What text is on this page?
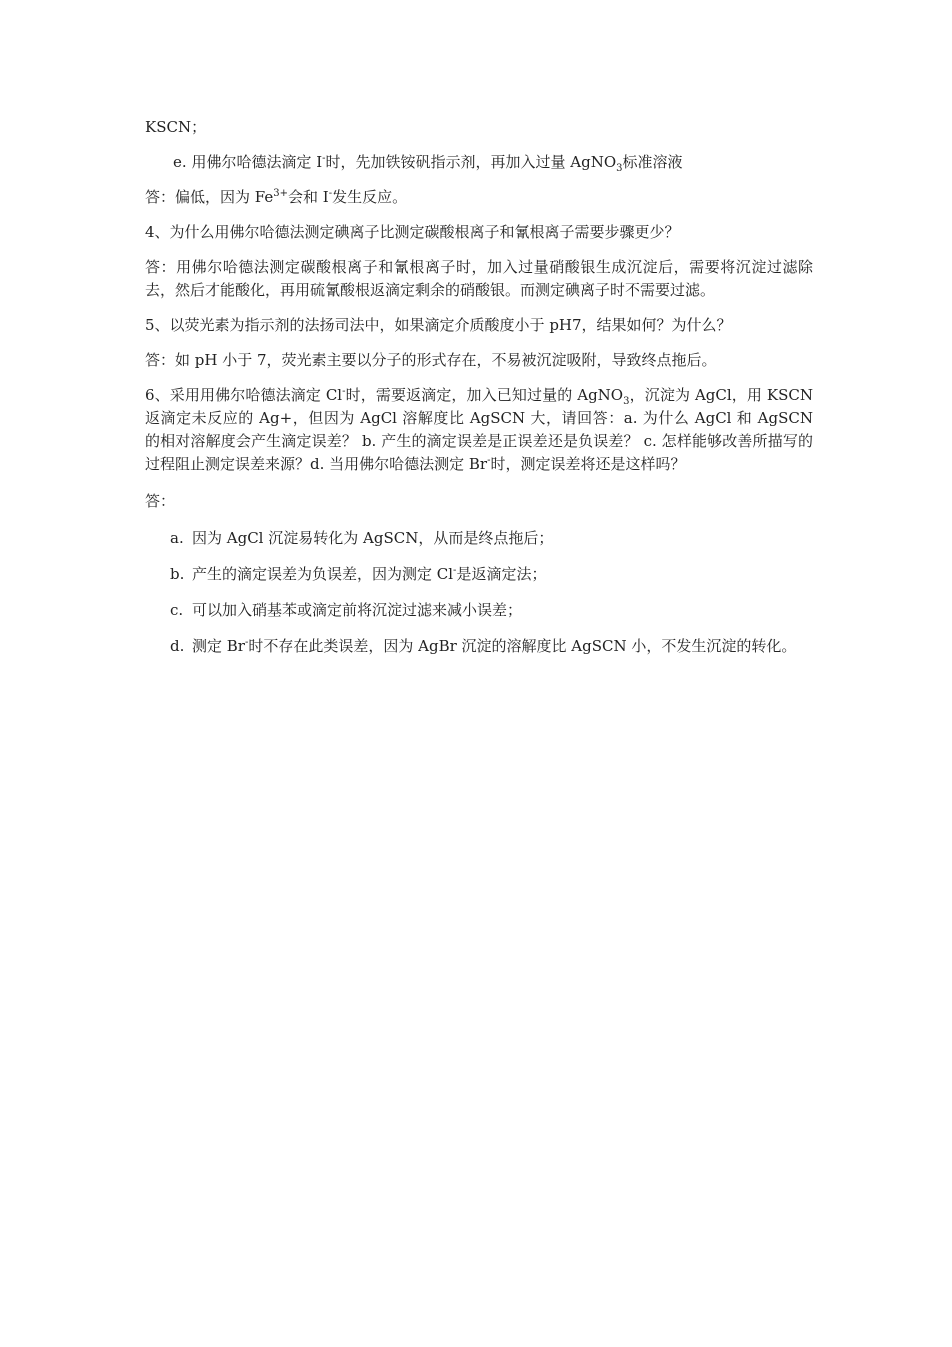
KSCN；

e. 用佛尔哈德法滴定 I-时，先加铁铵矾指示剂，再加入过量 AgNO$_3$标准溶液

答：偏低，因为 $Fe^{3+}$会和 I-发生反应。

4、为什么用佛尔哈德法测定碘离子比测定碳酸根离子和氰根离子需要步骤更少？

答：用佛尔哈德法测定碳酸根离子和氰根离子时，加入过量硝酸银生成沉淀后，需要将沉淀过滤除去，然后才能酸化，再用硫氰酸根返滴定剩余的硝酸银。而测定碘离子时不需要过滤。

5、以荧光素为指示剂的法扬司法中，如果滴定介质酸度小于 pH7，结果如何？为什么？

答：如 pH 小于 7，荧光素主要以分子的形式存在，不易被沉淀吸附，导致终点拖后。

6、采用用佛尔哈德法滴定 Cl-时，需要返滴定，加入已知过量的 AgNO$_3$，沉淀为 AgCl，用 KSCN 返滴定未反应的 Ag+，但因为 AgCl 溶解度比 AgSCN 大，请回答：a. 为什么 AgCl 和 AgSCN 的相对溶解度会产生滴定误差？ b. 产生的滴定误差是正误差还是负误差？ c. 怎样能够改善所描写的过程阻止测定误差来源？d. 当用佛尔哈德法测定 Br-时，测定误差将还是这样吗？

答：

a. 因为 AgCl 沉淀易转化为 AgSCN，从而是终点拖后；
b. 产生的滴定误差为负误差，因为测定 Cl-是返滴定法；
c. 可以加入硝基苯或滴定前将沉淀过滤来减小误差；
d. 测定 Br-时不存在此类误差，因为 AgBr 沉淀的溶解度比 AgSCN 小，不发生沉淀的转化。
